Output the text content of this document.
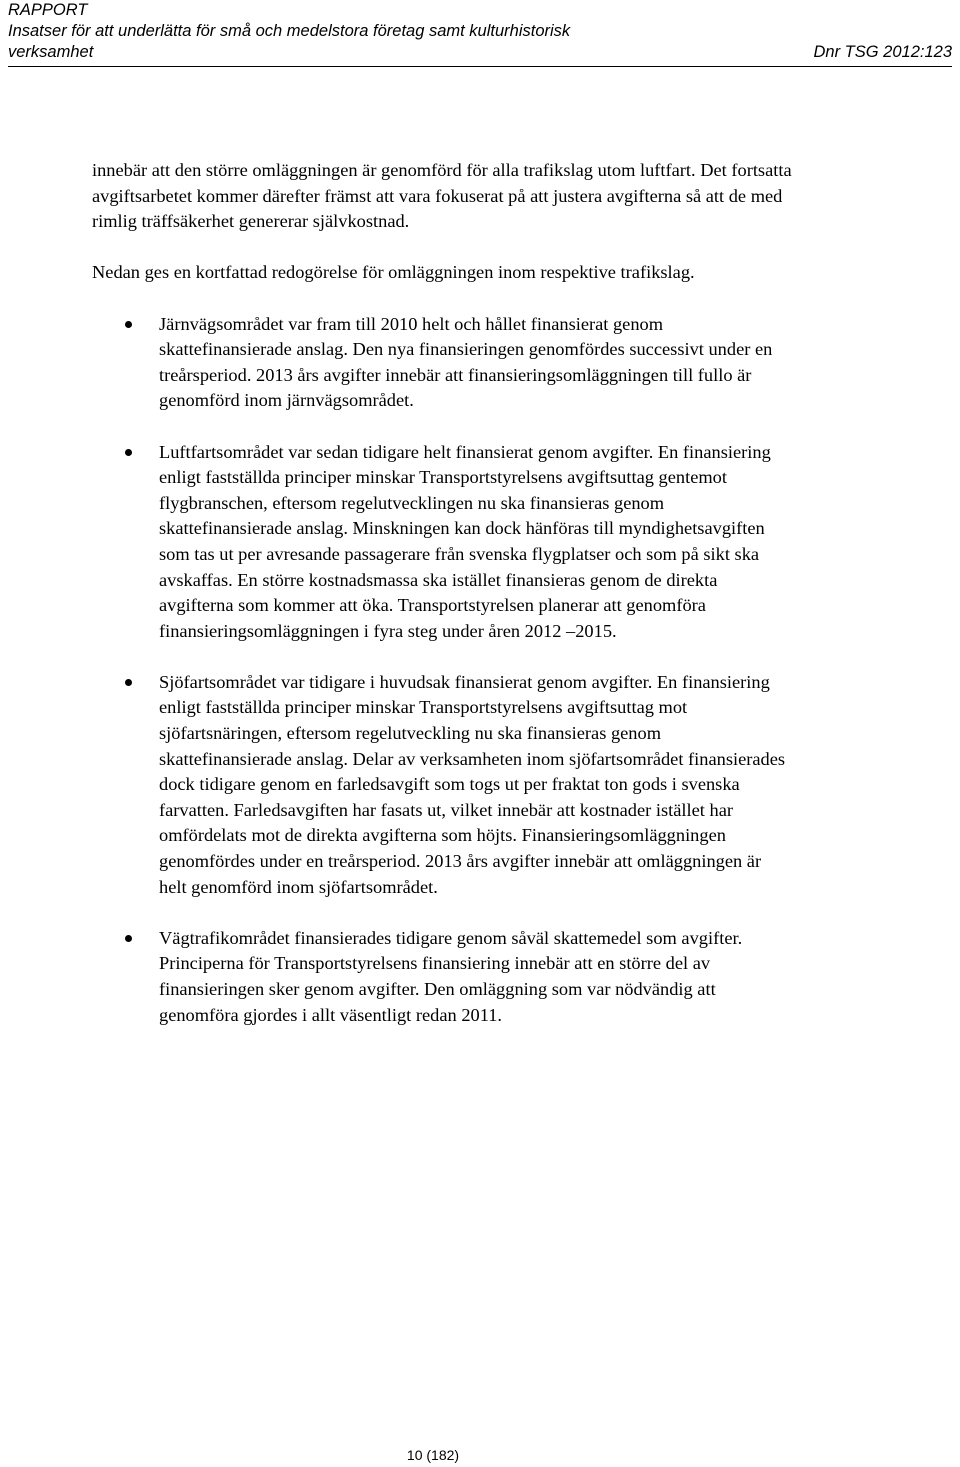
RAPPORT
Insatser för att underlätta för små och medelstora företag samt kulturhistorisk
verksamhet	Dnr TSG 2012:123

innebär att den större omläggningen är genomförd för alla trafikslag utom luftfart. Det fortsatta avgiftsarbetet kommer därefter främst att vara fokuserat på att justera avgifterna så att de med rimlig träffsäkerhet genererar självkostnad.

Nedan ges en kortfattad redogörelse för omläggningen inom respektive trafikslag.

Järnvägsområdet var fram till 2010 helt och hållet finansierat genom skattefinansierade anslag. Den nya finansieringen genomfördes successivt under en treårsperiod. 2013 års avgifter innebär att finansieringsomläggningen till fullo är genomförd inom järnvägsområdet.
Luftfartsområdet var sedan tidigare helt finansierat genom avgifter. En finansiering enligt fastställda principer minskar Transportstyrelsens avgiftsuttag gentemot flygbranschen, eftersom regelutvecklingen nu ska finansieras genom skattefinansierade anslag. Minskningen kan dock hänföras till myndighetsavgiften som tas ut per avresande passagerare från svenska flygplatser och som på sikt ska avskaffas. En större kostnadsmassa ska istället finansieras genom de direkta avgifterna som kommer att öka. Transportstyrelsen planerar att genomföra finansieringsomläggningen i fyra steg under åren 2012 –2015.
Sjöfartsområdet var tidigare i huvudsak finansierat genom avgifter. En finansiering enligt fastställda principer minskar Transportstyrelsens avgiftsuttag mot sjöfartsnäringen, eftersom regelutveckling nu ska finansieras genom skattefinansierade anslag. Delar av verksamheten inom sjöfartsområdet finansierades dock tidigare genom en farledsavgift som togs ut per fraktat ton gods i svenska farvatten. Farledsavgiften har fasats ut, vilket innebär att kostnader istället har omfördelats mot de direkta avgifterna som höjts. Finansieringsomläggningen genomfördes under en treårsperiod. 2013 års avgifter innebär att omläggningen är helt genomförd inom sjöfartsområdet.
Vägtrafikområdet finansierades tidigare genom såväl skattemedel som avgifter. Principerna för Transportstyrelsens finansiering innebär att en större del av finansieringen sker genom avgifter. Den omläggning som var nödvändig att genomföra gjordes i allt väsentligt redan 2011.
10 (182)
